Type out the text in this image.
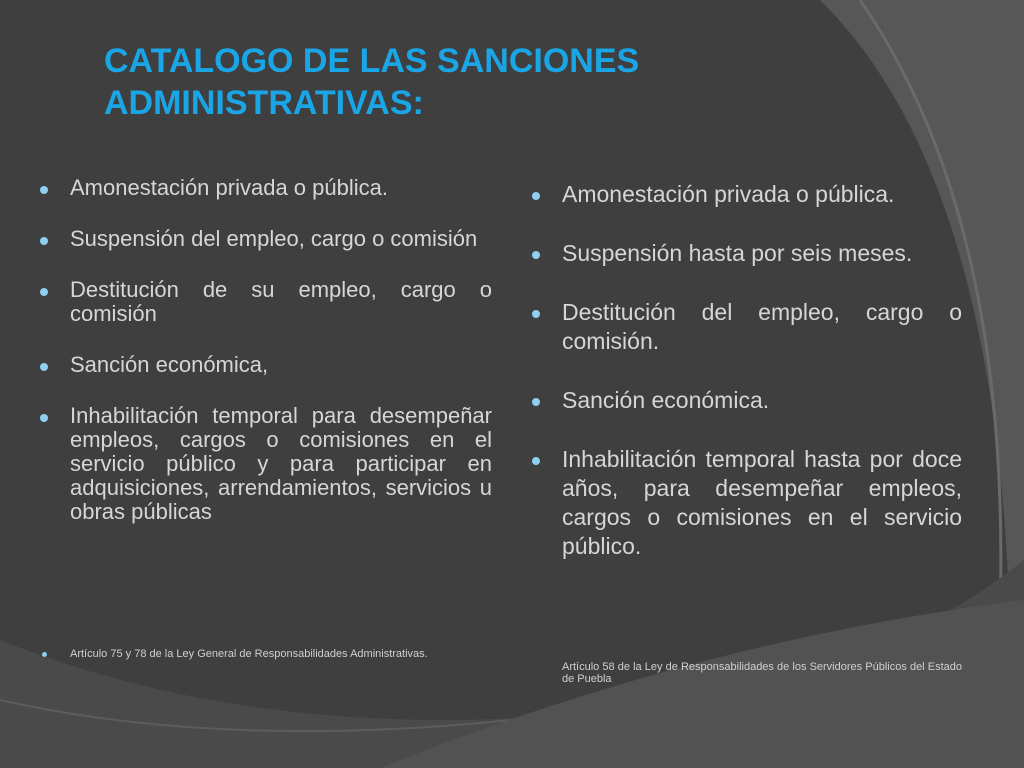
CATALOGO DE LAS SANCIONES
ADMINISTRATIVAS:
Amonestación privada o pública.
Suspensión del empleo, cargo o comisión
Destitución de su empleo, cargo o comisión
Sanción económica,
Inhabilitación temporal para desempeñar empleos, cargos o comisiones en el servicio público y para participar en adquisiciones, arrendamientos, servicios u obras públicas
Artículo 75 y 78 de la Ley General de Responsabilidades Administrativas.
Amonestación privada o pública.
Suspensión hasta por seis meses.
Destitución del empleo, cargo o comisión.
Sanción económica.
Inhabilitación temporal hasta por doce años, para desempeñar empleos, cargos o comisiones en el servicio público.
Artículo 58 de la Ley de Responsabilidades de los Servidores Públicos del Estado de Puebla
